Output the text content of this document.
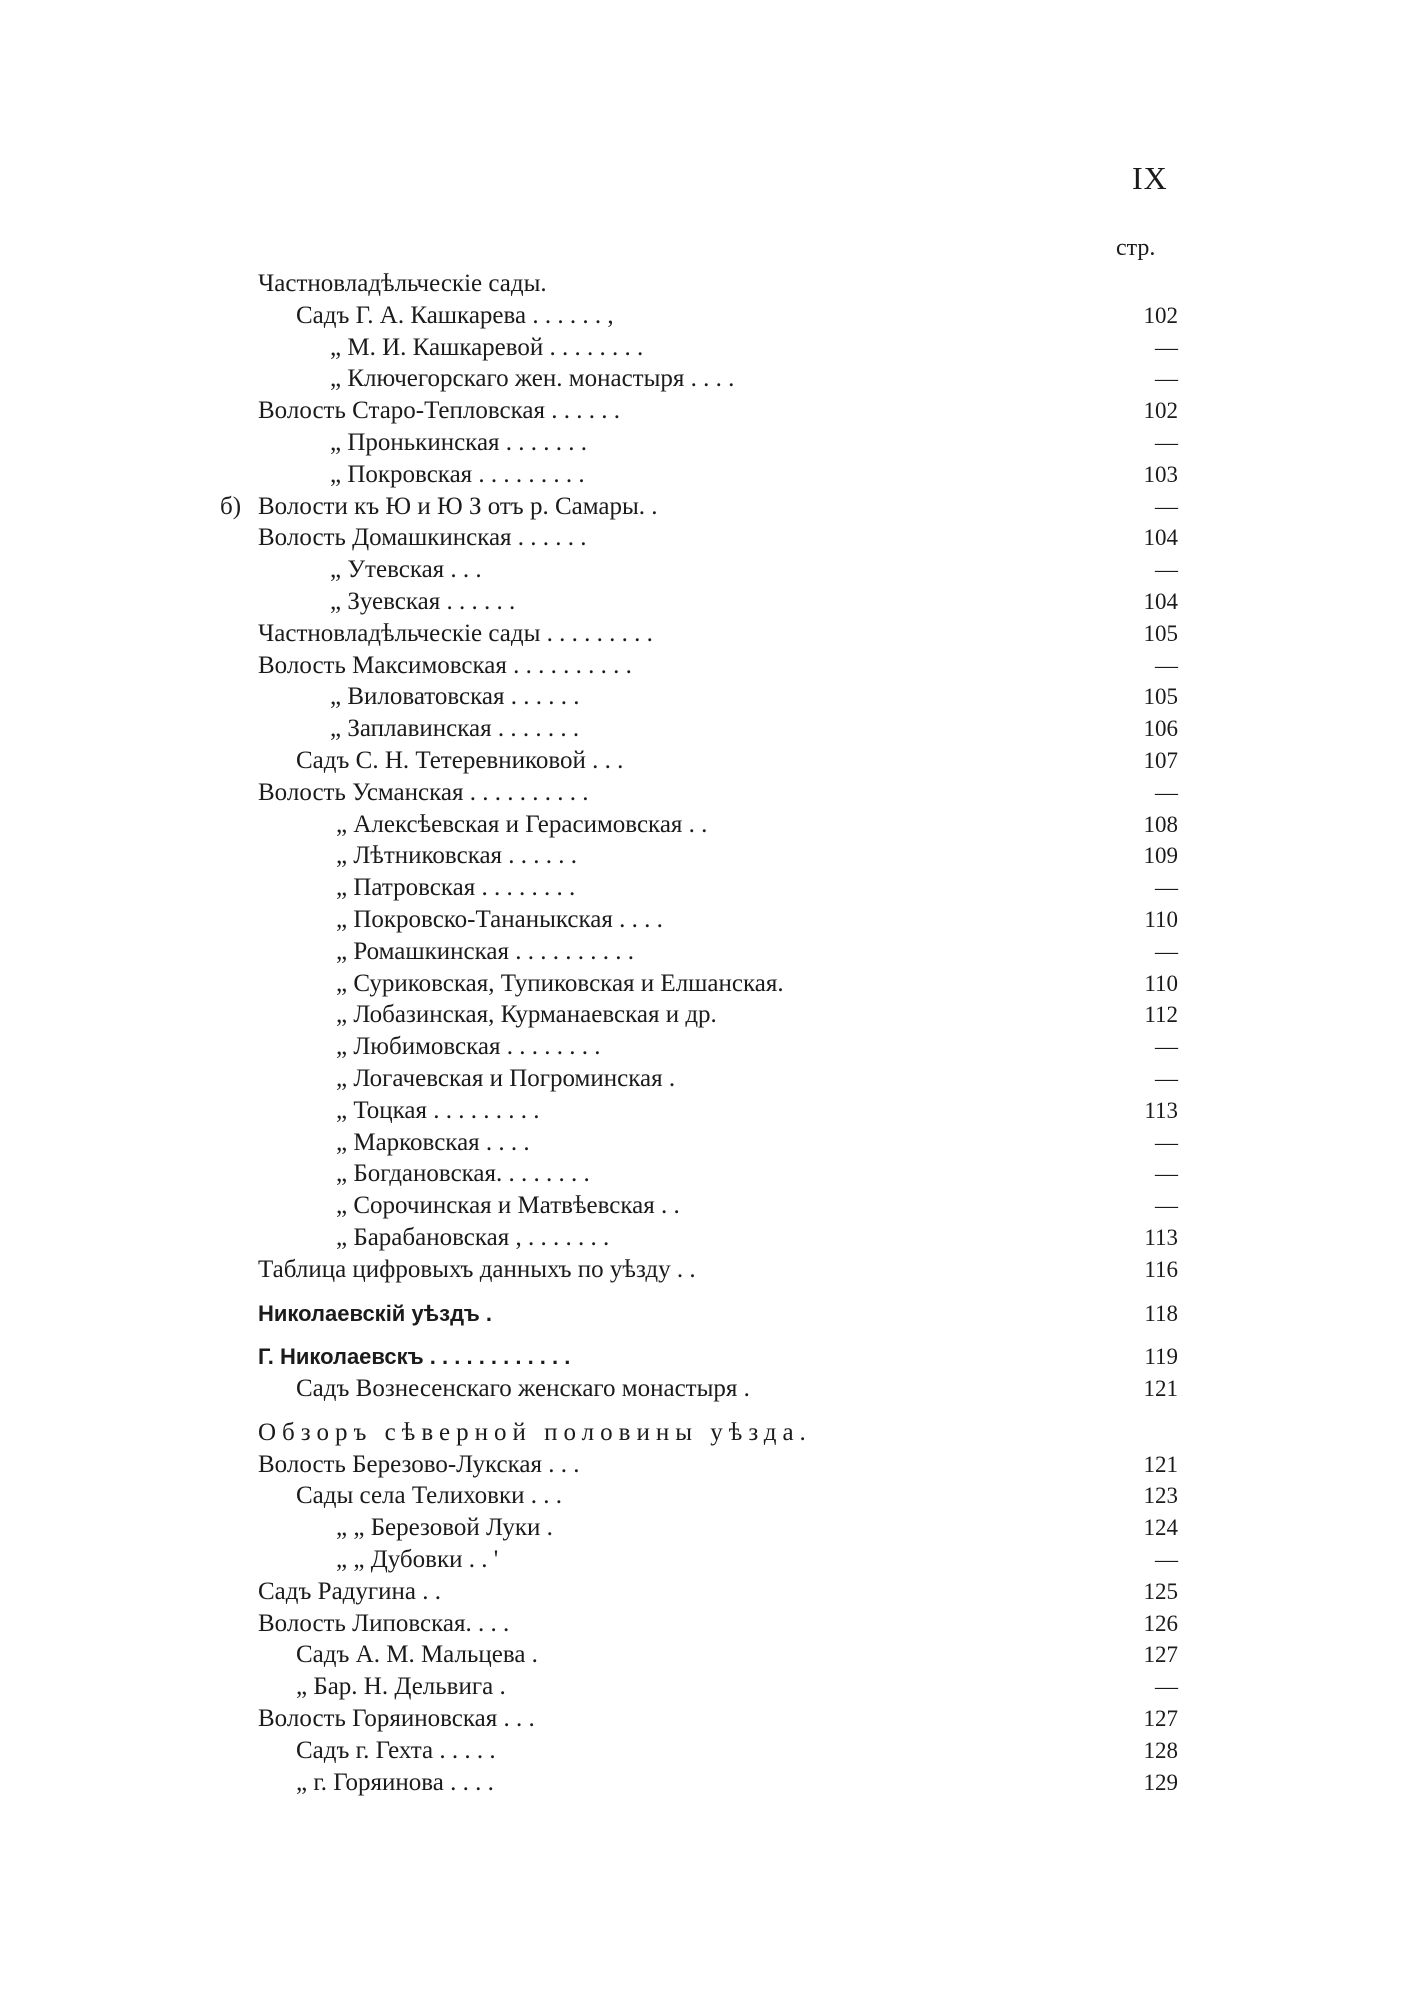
IX
стр.
Частновладѣльческіе сады.
Садъ Г. А. Кашкарева . . . . . . ,	102
„ М. И. Кашкаревой . . . . . . . .	—
„ Ключегорскаго жен. монастыря . . . .	—
Волость Старо-Тепловская . . . . . .	102
„ Пронькинская . . . . . . .	—
„ Покровская . . . . . . . . .	103
б) Волости къ Ю и Ю З отъ р. Самары. .	—
Волость Домашкинская . . . . . .	104
„ Утевская . . .	—
„ Зуевская . . . . . .	104
Частновладѣльческіе сады . . . . . . . . .	105
Волость Максимовская . . . . . . . . . .	—
„ Виловатовская . . . . . .	105
„ Заплавинская . . . . . . .	106
Садъ С. Н. Тетеревниковой . . .	107
Волость Усманская . . . . . . . . . .	—
„ Алексѣевская и Герасимовская . .	108
„ Лѣтниковская . . . . . .	109
„ Патровская . . . . . . . .	—
„ Покровско-Тананыкская . . . .	110
„ Ромашкинская . . . . . . . . . .	—
„ Суриковская, Тупиковская и Елшанская.	110
„ Лобазинская, Курманаевская и др.	112
„ Любимовская . . . . . . . .	—
„ Логачевская и Погроминская .	—
„ Тоцкая . . . . . . . . .	113
„ Марковская . . . .	—
„ Богдановская. . . . . . . .	—
„ Сорочинская и Матвѣевская . .	—
„ Барабановская , . . . . . . .	113
Таблица цифровыхъ данныхъ по уѣзду . .	116
Николаевскій уѣздъ .	118
Г. Николаевскъ . . . . . . . . . . . .	119
Садъ Вознесенскаго женскаго монастыря .	121
Обзоръ сѣверной половины уѣзда.
Волость Березово-Лукская . . .	121
Сады села Телиховки . . .	123
„ „ Березовой Луки .	124
„ „ Дубовки . . '	—
Садъ Радугина . .	125
Волость Липовская. . . .	126
Садъ А. М. Мальцева .	127
„ Бар. Н. Дельвига .	—
Волость Горяиновская . . .	127
Садъ г. Гехта . . . . .	128
„ г. Горяинова . . . .	129
